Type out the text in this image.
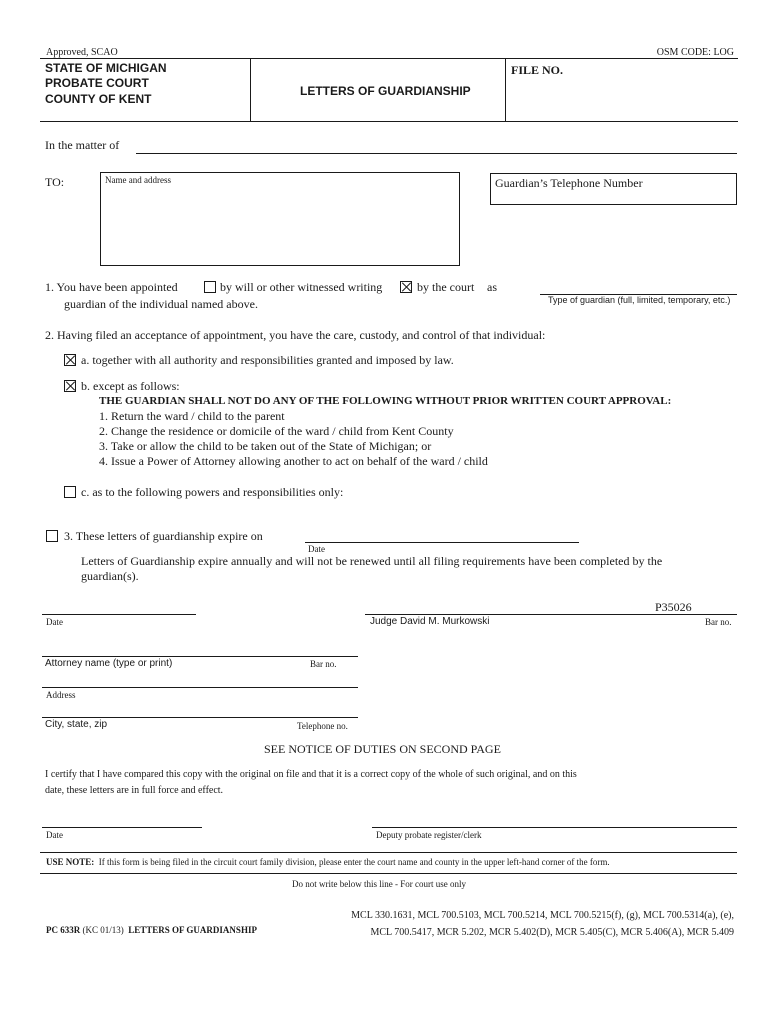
Approved, SCAO	OSM CODE: LOG
STATE OF MICHIGAN
PROBATE COURT
COUNTY OF KENT
LETTERS OF GUARDIANSHIP
FILE NO.
In the matter of
TO:	Name and address	Guardian’s Telephone Number
1. You have been appointed	by will or other witnessed writing	by the court as
guardian of the individual named above.	Type of guardian (full, limited, temporary, etc.)
2. Having filed an acceptance of appointment, you have the care, custody, and control of that individual:
a. together with all authority and responsibilities granted and imposed by law.
b. except as follows:
THE GUARDIAN SHALL NOT DO ANY OF THE FOLLOWING WITHOUT PRIOR WRITTEN COURT APPROVAL:
1. Return the ward / child to the parent
2. Change the residence or domicile of the ward / child from Kent County
3. Take or allow the child to be taken out of the State of Michigan; or
4. Issue a Power of Attorney allowing another to act on behalf of the ward / child
c. as to the following powers and responsibilities only:
3. These letters of guardianship expire on
Date
Letters of Guardianship expire annually and will not be renewed until all filing requirements have been completed by the
guardian(s).
Date
P35026
Judge David M. Murkowski	Bar no.
Attorney name (type or print)	Bar no.
Address
City, state, zip	Telephone no.
SEE NOTICE OF DUTIES ON SECOND PAGE
I certify that I have compared this copy with the original on file and that it is a correct copy of the whole of such original, and on this
date, these letters are in full force and effect.
Date	Deputy probate register/clerk
USE NOTE: If this form is being filed in the circuit court family division, please enter the court name and county in the upper left-hand corner of the form.
Do not write below this line - For court use only
PC 633R (KC 01/13) LETTERS OF GUARDIANSHIP
MCL 330.1631, MCL 700.5103, MCL 700.5214, MCL 700.5215(f), (g), MCL 700.5314(a), (e),
MCL 700.5417, MCR 5.202, MCR 5.402(D), MCR 5.405(C), MCR 5.406(A), MCR 5.409
